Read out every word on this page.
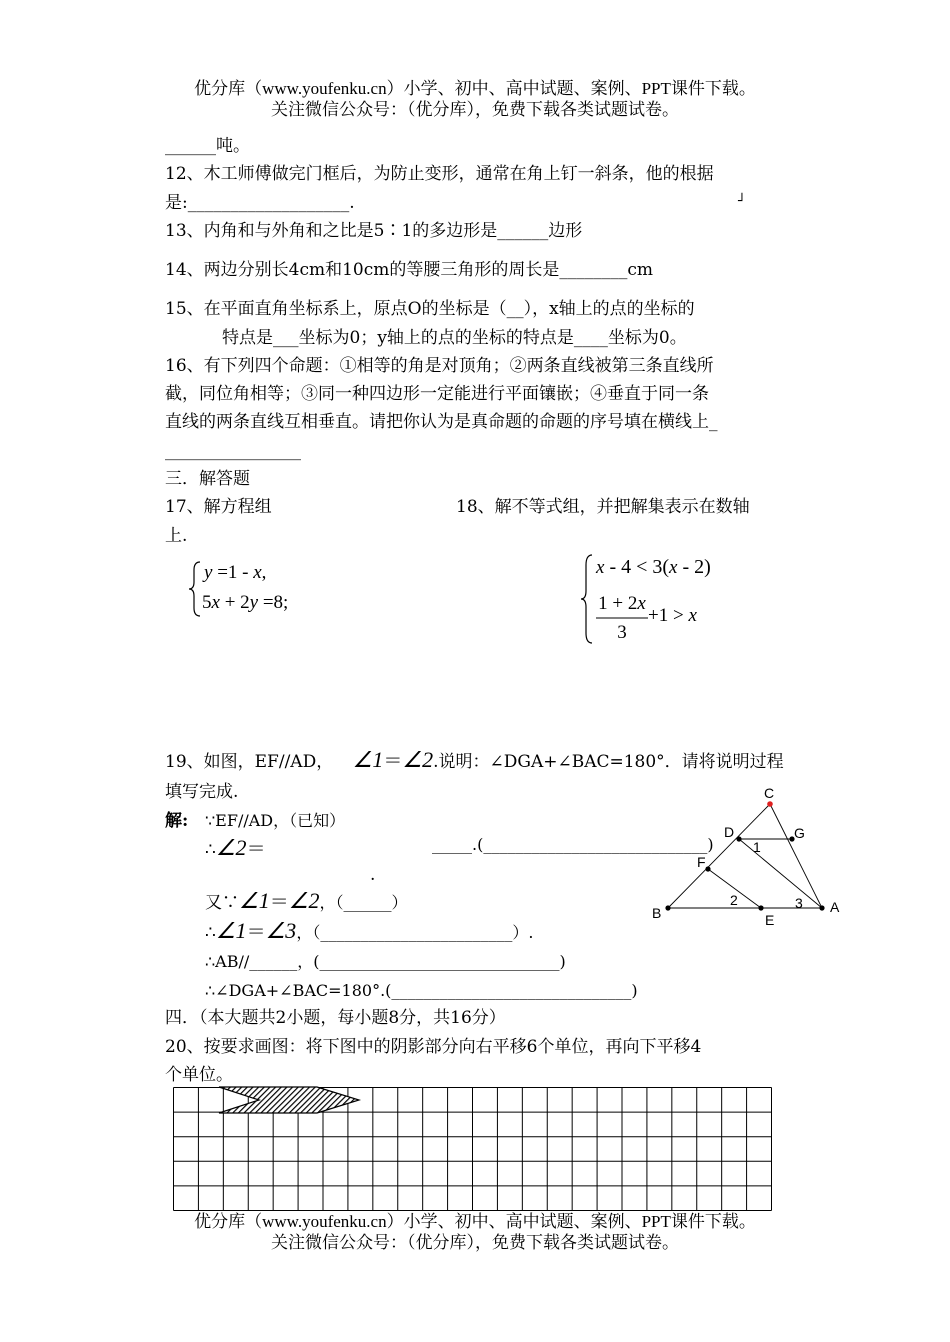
优分库（www.youfenku.cn）小学、初中、高中试题、案例、PPT课件下载。
关注微信公众号：（优分库），免费下载各类试题试卷。
______吨。
12、木工师傅做完门框后，为防止变形，通常在角上钉一斜条，他的根据
是:___________________.	┘
13、内角和与外角和之比是5∶1的多边形是______边形
14、两边分别长4cm和10cm的等腰三角形的周长是________cm
15、在平面直角坐标系上，原点O的坐标是（__），x轴上的点的坐标的
特点是___坐标为0；y轴上的点的坐标的特点是____坐标为0。
16、有下列四个命题：①相等的角是对顶角；②两条直线被第三条直线所
截，同位角相等；③同一种四边形一定能进行平面镶嵌；④垂直于同一条
直线的两条直线互相垂直。请把你认为是真命题的命题的序号填在横线上_
________________
三．解答题
17、解方程组	18、解不等式组，并把解集表示在数轴
上.
y =1 - x,
5x + 2y =8;
x - 4 < 3(x - 2)
1 + 2x
3
+1 > x
19、如图，EF//AD， ∠1＝∠2.说明：∠DGA+∠BAC=180°．请将说明过程
填写完成.
解: ∵EF//AD，（已知）
∴∠2＝	_____.(____________________________)
.
又∵∠1＝∠2，（______）
∴∠1＝∠3，（________________________）.
∴AB//______，(______________________________)
∴∠DGA+∠BAC=180°.(______________________________)
C
D	G
F
B	E
A
1
2	3
四．（本大题共2小题，每小题8分，共16分）
20、按要求画图：将下图中的阴影部分向右平移6个单位，再向下平移4
个单位。
优分库（www.youfenku.cn）小学、初中、高中试题、案例、PPT课件下载。
关注微信公众号：（优分库），免费下载各类试题试卷。
